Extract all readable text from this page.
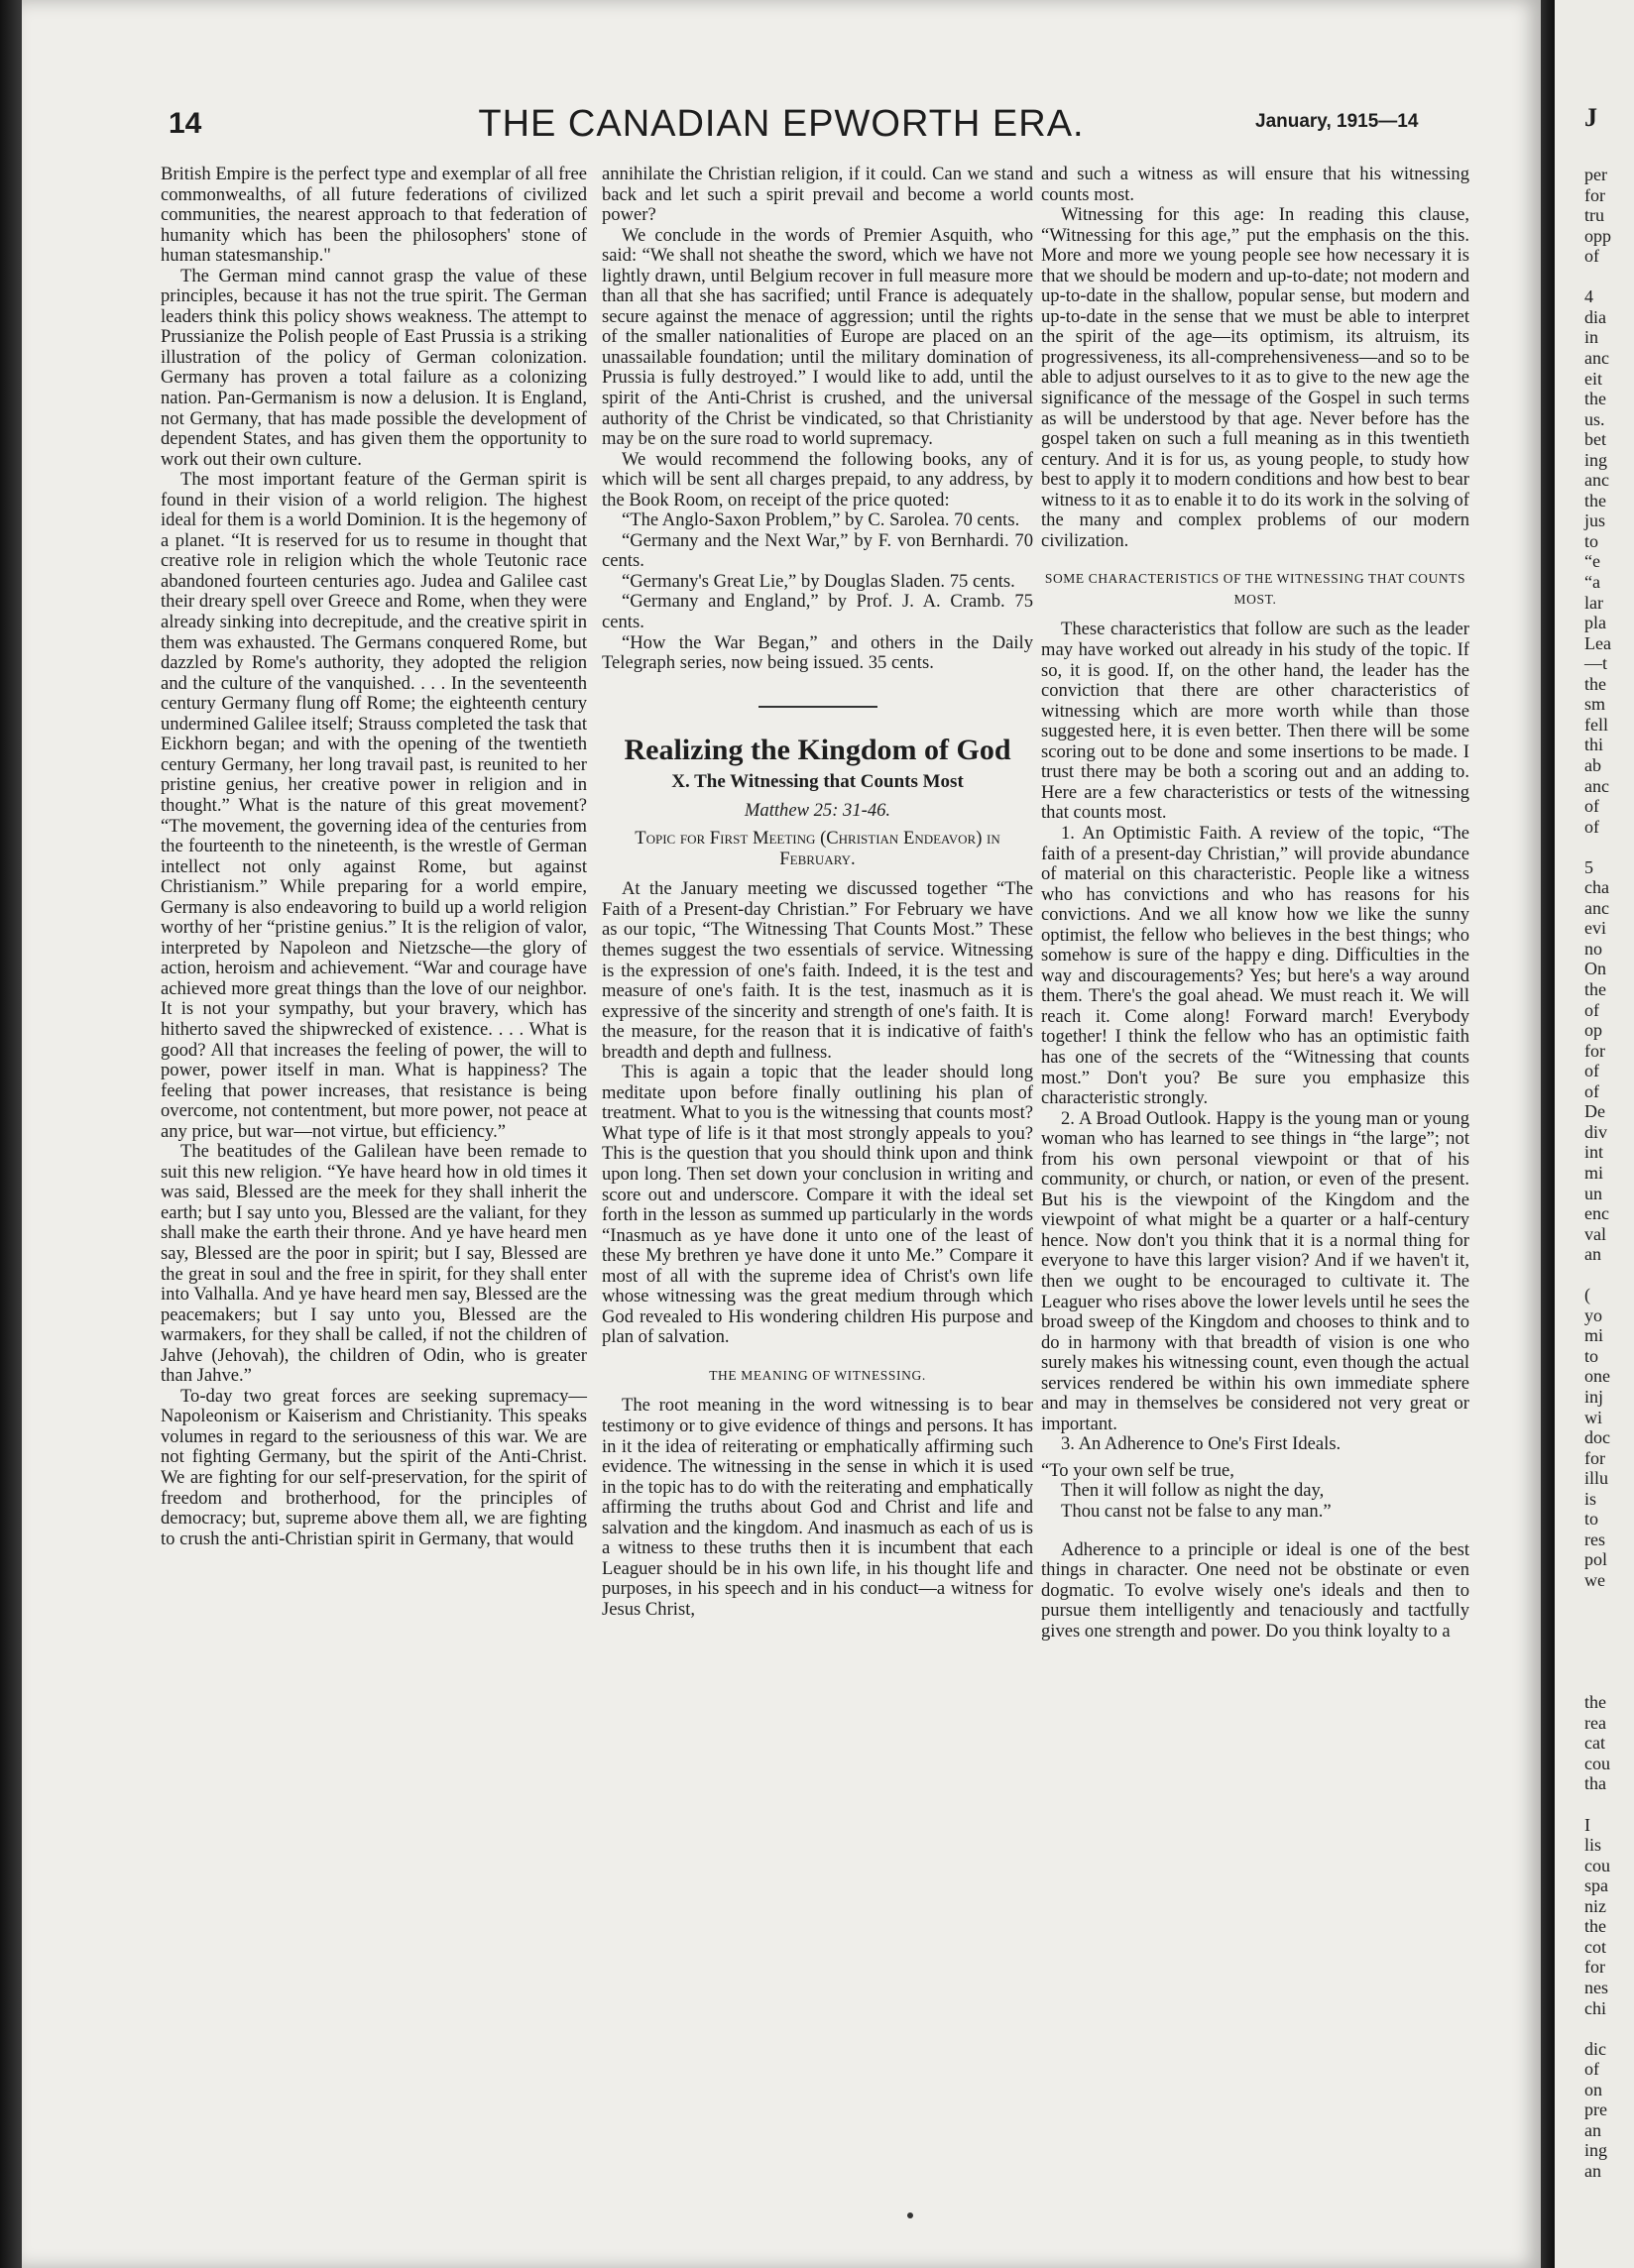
14	THE CANADIAN EPWORTH ERA.	January, 1915—14

British Empire is the perfect type and exemplar of all free commonwealths, of all future federations of civilized communities, the nearest approach to that federation of humanity which has been the philosophers' stone of human statesmanship."

The German mind cannot grasp the value of these principles, because it has not the true spirit. The German leaders think this policy shows weakness. The attempt to Prussianize the Polish people of East Prussia is a striking illustration of the policy of German colonization. Germany has proven a total failure as a colonizing nation. Pan-Germanism is now a delusion. It is England, not Germany, that has made possible the development of dependent States, and has given them the opportunity to work out their own culture.

The most important feature of the German spirit is found in their vision of a world religion. The highest ideal for them is a world Dominion. It is the hegemony of a planet. “It is reserved for us to resume in thought that creative role in religion which the whole Teutonic race abandoned fourteen centuries ago. Judea and Galilee cast their dreary spell over Greece and Rome, when they were already sinking into decrepitude, and the creative spirit in them was exhausted. The Germans conquered Rome, but dazzled by Rome's authority, they adopted the religion and the culture of the vanquished. . . . In the seventeenth century Germany flung off Rome; the eighteenth century undermined Galilee itself; Strauss completed the task that Eickhorn began; and with the opening of the twentieth century Germany, her long travail past, is reunited to her pristine genius, her creative power in religion and in thought.” What is the nature of this great movement? “The movement, the governing idea of the centuries from the fourteenth to the nineteenth, is the wrestle of German intellect not only against Rome, but against Christianism.” While preparing for a world empire, Germany is also endeavoring to build up a world religion worthy of her “pristine genius.” It is the religion of valor, interpreted by Napoleon and Nietzsche—the glory of action, heroism and achievement. “War and courage have achieved more great things than the love of our neighbor. It is not your sympathy, but your bravery, which has hitherto saved the shipwrecked of existence. . . . What is good? All that increases the feeling of power, the will to power, power itself in man. What is happiness? The feeling that power increases, that resistance is being overcome, not contentment, but more power, not peace at any price, but war—not virtue, but efficiency.”

The beatitudes of the Galilean have been remade to suit this new religion. “Ye have heard how in old times it was said, Blessed are the meek for they shall inherit the earth; but I say unto you, Blessed are the valiant, for they shall make the earth their throne. And ye have heard men say, Blessed are the poor in spirit; but I say, Blessed are the great in soul and the free in spirit, for they shall enter into Valhalla. And ye have heard men say, Blessed are the peacemakers; but I say unto you, Blessed are the warmakers, for they shall be called, if not the children of Jahve (Jehovah), the children of Odin, who is greater than Jahve.”

To-day two great forces are seeking supremacy—Napoleonism or Kaiserism and Christianity. This speaks volumes in regard to the seriousness of this war. We are not fighting Germany, but the spirit of the Anti-Christ. We are fighting for our self-preservation, for the spirit of freedom and brotherhood, for the principles of democracy; but, supreme above them all, we are fighting to crush the anti-Christian spirit in Germany, that would

annihilate the Christian religion, if it could. Can we stand back and let such a spirit prevail and become a world power?

We conclude in the words of Premier Asquith, who said: “We shall not sheathe the sword, which we have not lightly drawn, until Belgium recover in full measure more than all that she has sacrified; until France is adequately secure against the menace of aggression; until the rights of the smaller nationalities of Europe are placed on an unassailable foundation; until the military domination of Prussia is fully destroyed.” I would like to add, until the spirit of the Anti-Christ is crushed, and the universal authority of the Christ be vindicated, so that Christianity may be on the sure road to world supremacy.

We would recommend the following books, any of which will be sent all charges prepaid, to any address, by the Book Room, on receipt of the price quoted:

“The Anglo-Saxon Problem,” by C. Sarolea. 70 cents.

“Germany and the Next War,” by F. von Bernhardi. 70 cents.

“Germany's Great Lie,” by Douglas Sladen. 75 cents.

“Germany and England,” by Prof. J. A. Cramb. 75 cents.

“How the War Began,” and others in the Daily Telegraph series, now being issued. 35 cents.

Realizing the Kingdom of God
X. The Witnessing that Counts Most
Matthew 25: 31-46.
Topic for First Meeting (Christian Endeavor) in February.

At the January meeting we discussed together “The Faith of a Present-day Christian.” For February we have as our topic, “The Witnessing That Counts Most.” These themes suggest the two essentials of service. Witnessing is the expression of one's faith. Indeed, it is the test and measure of one's faith. It is the test, inasmuch as it is expressive of the sincerity and strength of one's faith. It is the measure, for the reason that it is indicative of faith's breadth and depth and fullness.

This is again a topic that the leader should long meditate upon before finally outlining his plan of treatment. What to you is the witnessing that counts most? What type of life is it that most strongly appeals to you? This is the question that you should think upon and think upon long. Then set down your conclusion in writing and score out and underscore. Compare it with the ideal set forth in the lesson as summed up particularly in the words “Inasmuch as ye have done it unto one of the least of these My brethren ye have done it unto Me.” Compare it most of all with the supreme idea of Christ's own life whose witnessing was the great medium through which God revealed to His wondering children His purpose and plan of salvation.

THE MEANING OF WITNESSING.

The root meaning in the word witnessing is to bear testimony or to give evidence of things and persons. It has in it the idea of reiterating or emphatically affirming such evidence. The witnessing in the sense in which it is used in the topic has to do with the reiterating and emphatically affirming the truths about God and Christ and life and salvation and the kingdom. And inasmuch as each of us is a witness to these truths then it is incumbent that each Leaguer should be in his own life, in his thought life and purposes, in his speech and in his conduct—a witness for Jesus Christ,

and such a witness as will ensure that his witnessing counts most.

Witnessing for this age: In reading this clause, “Witnessing for this age,” put the emphasis on the this. More and more we young people see how necessary it is that we should be modern and up-to-date; not modern and up-to-date in the shallow, popular sense, but modern and up-to-date in the sense that we must be able to interpret the spirit of the age—its optimism, its altruism, its progressiveness, its all-comprehensiveness—and so to be able to adjust ourselves to it as to give to the new age the significance of the message of the Gospel in such terms as will be understood by that age. Never before has the gospel taken on such a full meaning as in this twentieth century. And it is for us, as young people, to study how best to apply it to modern conditions and how best to bear witness to it as to enable it to do its work in the solving of the many and complex problems of our modern civilization.

SOME CHARACTERISTICS OF THE WITNESSING THAT COUNTS MOST.

These characteristics that follow are such as the leader may have worked out already in his study of the topic. If so, it is good. If, on the other hand, the leader has the conviction that there are other characteristics of witnessing which are more worth while than those suggested here, it is even better. Then there will be some scoring out to be done and some insertions to be made. I trust there may be both a scoring out and an adding to. Here are a few characteristics or tests of the witnessing that counts most.

1. An Optimistic Faith. A review of the topic, “The faith of a present-day Christian,” will provide abundance of material on this characteristic. People like a witness who has convictions and who has reasons for his convictions. And we all know how we like the sunny optimist, the fellow who believes in the best things; who somehow is sure of the happy e ding. Difficulties in the way and discouragements? Yes; but here's a way around them. There's the goal ahead. We must reach it. We will reach it. Come along! Forward march! Everybody together! I think the fellow who has an optimistic faith has one of the secrets of the “Witnessing that counts most.” Don't you? Be sure you emphasize this characteristic strongly.

2. A Broad Outlook. Happy is the young man or young woman who has learned to see things in “the large”; not from his own personal viewpoint or that of his community, or church, or nation, or even of the present. But his is the viewpoint of the Kingdom and the viewpoint of what might be a quarter or a half-century hence. Now don't you think that it is a normal thing for everyone to have this larger vision? And if we haven't it, then we ought to be encouraged to cultivate it. The Leaguer who rises above the lower levels until he sees the broad sweep of the Kingdom and chooses to think and to do in harmony with that breadth of vision is one who surely makes his witnessing count, even though the actual services rendered be within his own immediate sphere and may in themselves be considered not very great or important.

3. An Adherence to One's First Ideals.

“To your own self be true,
Then it will follow as night the day,
Thou canst not be false to any man.”

Adherence to a principle or ideal is one of the best things in character. One need not be obstinate or even dogmatic. To evolve wisely one's ideals and then to pursue them intelligently and tenaciously and tactfully gives one strength and power. Do you think loyalty to a

J
per
for
tru
opp
of
4
dia
in
anc
eit
the
us.
bet
ing
anc
the
jus
to
“e
“a
lar
pla
Lea
—t
the
sm
fell
thi
ab
anc
of
of
5
cha
anc
evi
no
On
the
of
op
for
of
of
De
div
int
mi
un
enc
val
an
(
yo
mi
to
one
inj
wi
doc
for
illu
is
to
res
pol
we
the
rea
cat
cou
tha
I
lis
cou
spa
niz
the
cot
for
nes
chi
dic
of
on
pre
an
ing
an
